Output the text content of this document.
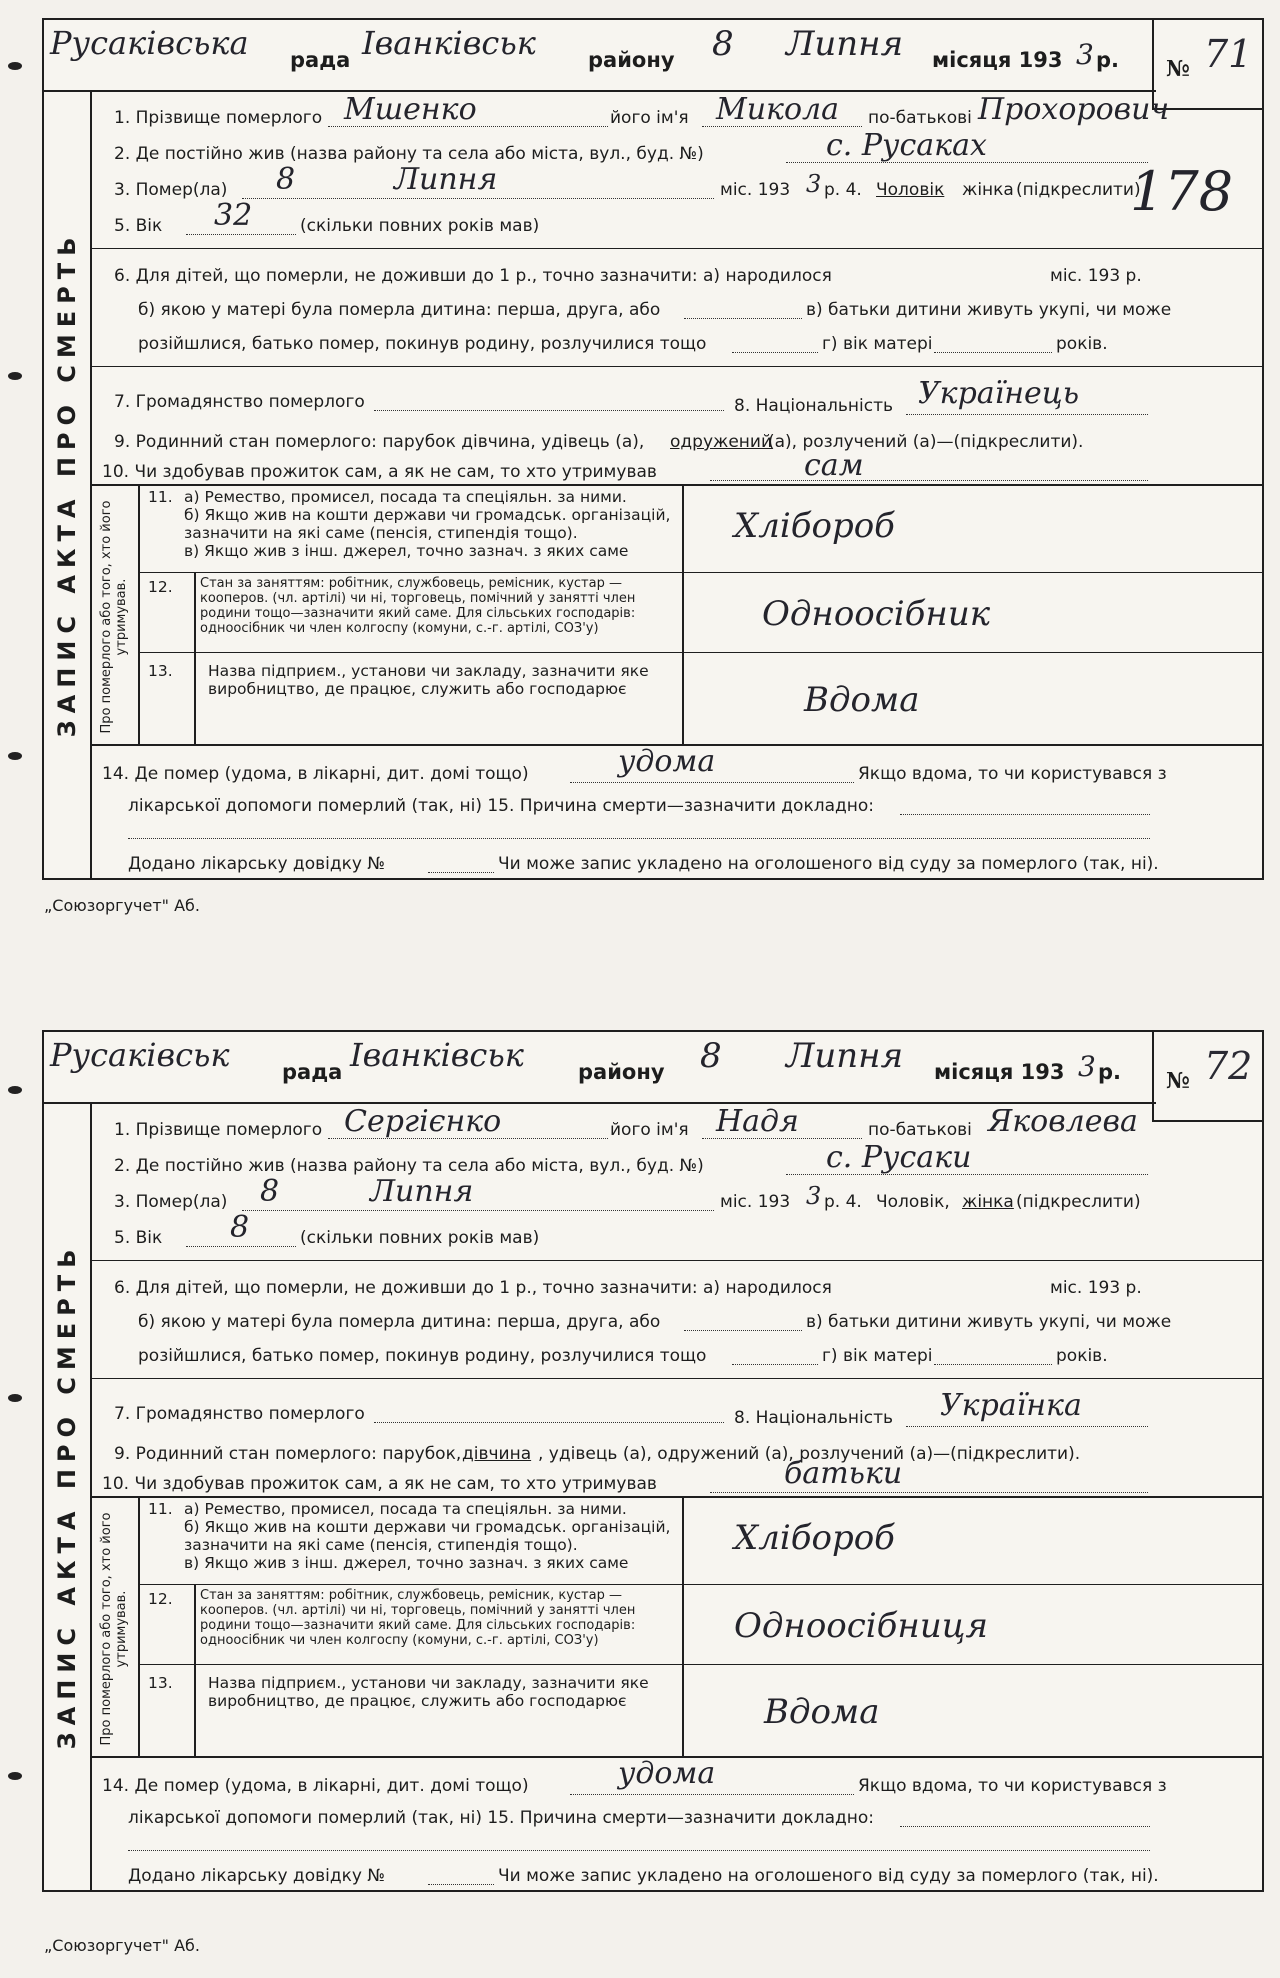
Русаківська рада Іванківськ району 8 Липня місяця 193 3 р. № 71
ЗАПИС АКТА ПРО СМЕРТЬ
1. Прізвище померлого Мшенко	його ім'я Микола по-батькові Прохорович
2. Де постійно жив (назва району та села або міста, вул., буд. №)	с. Русаках
3. Помер(ла) 8	Липня	міс. 193 3 р. 4. Чоловік жінка (підкреслити)
178
5. Вік 32	(скільки повних років мав)
6. Для дітей, що померли, не доживши до 1 р., точно зазначити: а) народилося	міс. 193 р.
б) якою у матері була померла дитина: перша, друга, або	в) батьки дитини живуть укупі, чи може
розійшлися, батько помер, покинув родину, розлучилися тощо	г) вік матері	років.
7. Громадянство померлого	8. Національність Українець
9. Родинний стан померлого: парубок дівчина, удівець (а), одружений
(а), розлучений (а)—(підкреслити).
10. Чи здобував прожиток сам, а як не сам, то хто утримував	сам
Про померлого або того, хто його утримував.
11. а) Ремество, промисел, посада та спеціяльн. за ними.
б) Якщо жив на кошти держави чи громадськ. організацій, зазначити на які саме (пенсія, стипендія тощо).
в) Якщо жив з інш. джерел, точно зазнач. з яких саме
Хлібороб
12. Стан за заняттям: робітник, службовець, ремісник, кустар — кооперов. (чл. артілі) чи ні, торговець, помічний у занятті член родини тощо—зазначити який саме. Для сільських господарів: одноосібник чи член колгоспу (комуни, с.-г. артілі, СОЗ'у)	Одноосібник
13. Назва підприєм., установи чи закладу, зазначити яке виробництво, де працює, служить або господарює	Вдома
14. Де помер (удома, в лікарні, дит. домі тощо)	удома	Якщо вдома, то чи користувався з
лікарської допомоги померлий (так, ні) 15. Причина смерти—зазначити докладно:
Додано лікарську довідку №	Чи може запис укладено на оголошеного від суду за померлого (так, ні).
„Союзоргучет" Аб.
Русаківськ рада Іванківськ	району 8 Липня місяця 193 3 р. № 72
ЗАПИС АКТА ПРО СМЕРТЬ
1. Прізвище померлого Сергієнко	його ім'я Надя	по-батькові Яковлева
2. Де постійно жив (назва району та села або міста, вул., буд. №)	с. Русаки
3. Помер(ла) 8	Липня	міс. 193 3 р. 4. Чоловік, жінка (підкреслити)
5. Вік 8	(скільки повних років мав)
6. Для дітей, що померли, не доживши до 1 р., точно зазначити: а) народилося	міс. 193 р.
б) якою у матері була померла дитина: перша, друга, або	в) батьки дитини живуть укупі, чи може
розійшлися, батько помер, покинув родину, розлучилися тощо	г) вік матері	років.
7. Громадянство померлого	8. Національність Українка
9. Родинний стан померлого: парубок, дівчина , удівець (а), одружений (а), розлучений (а)—(підкреслити).
10. Чи здобував прожиток сам, а як не сам, то хто утримував	батьки
Про померлого або того, хто його утримував.
11. а) Ремество, промисел, посада та спеціяльн. за ними.
б) Якщо жив на кошти держави чи громадськ. організацій, зазначити на які саме (пенсія, стипендія тощо).
в) Якщо жив з інш. джерел, точно зазнач. з яких саме
Хлібороб
12. Стан за заняттям: робітник, службовець, ремісник, кустар — кооперов. (чл. артілі) чи ні, торговець, помічний у занятті член родини тощо—зазначити який саме. Для сільських господарів: одноосібник чи член колгоспу (комуни, с.-г. артілі, СОЗ'у)	Одноосібниця
13. Назва підприєм., установи чи закладу, зазначити яке виробництво, де працює, служить або господарює	Вдома
14. Де помер (удома, в лікарні, дит. домі тощо)	удома	Якщо вдома, то чи користувався з
лікарської допомоги померлий (так, ні) 15. Причина смерти—зазначити докладно:
Додано лікарську довідку №	Чи може запис укладено на оголошеного від суду за померлого (так, ні).
„Союзоргучет" Аб.
